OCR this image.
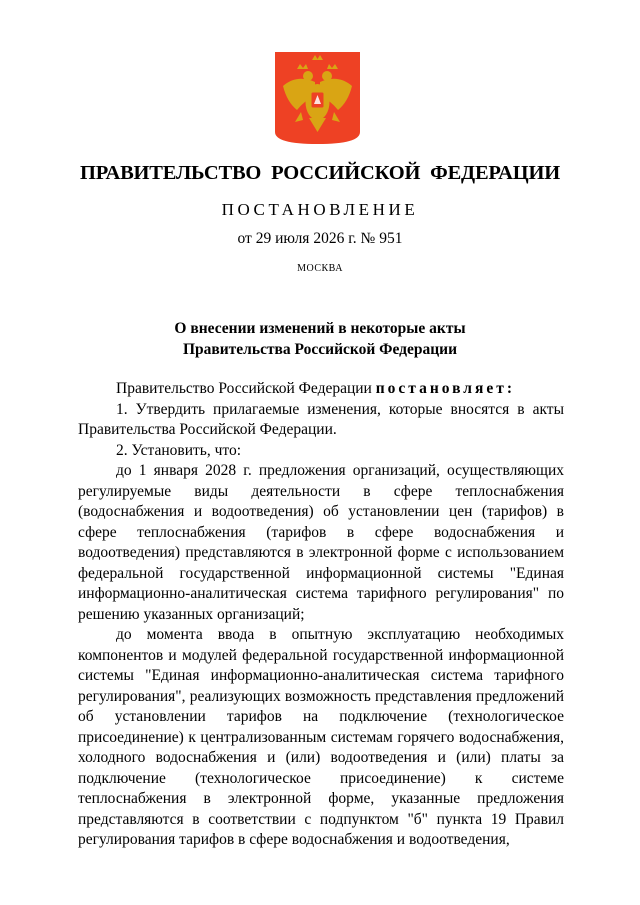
ПРАВИТЕЛЬСТВО РОССИЙСКОЙ ФЕДЕРАЦИИ
ПОСТАНОВЛЕНИЕ
от 29 июля 2026 г. № 951
МОСКВА
О внесении изменений в некоторые акты
Правительства Российской Федерации

Правительство Российской Федерации постановляет:

1. Утвердить прилагаемые изменения, которые вносятся в акты Правительства Российской Федерации.

2. Установить, что:

до 1 января 2028 г. предложения организаций, осуществляющих регулируемые виды деятельности в сфере теплоснабжения (водоснабжения и водоотведения) об установлении цен (тарифов) в сфере теплоснабжения (тарифов в сфере водоснабжения и водоотведения) представляются в электронной форме с использованием федеральной государственной информационной системы "Единая информационно-аналитическая система тарифного регулирования" по решению указанных организаций;

до момента ввода в опытную эксплуатацию необходимых компонентов и модулей федеральной государственной информационной системы "Единая информационно-аналитическая система тарифного регулирования", реализующих возможность представления предложений об установлении тарифов на подключение (технологическое присоединение) к централизованным системам горячего водоснабжения, холодного водоснабжения и (или) водоотведения и (или) платы за подключение (технологическое присоединение) к системе теплоснабжения в электронной форме, указанные предложения представляются в соответствии с подпунктом "б" пункта 19 Правил регулирования тарифов в сфере водоснабжения и водоотведения,
